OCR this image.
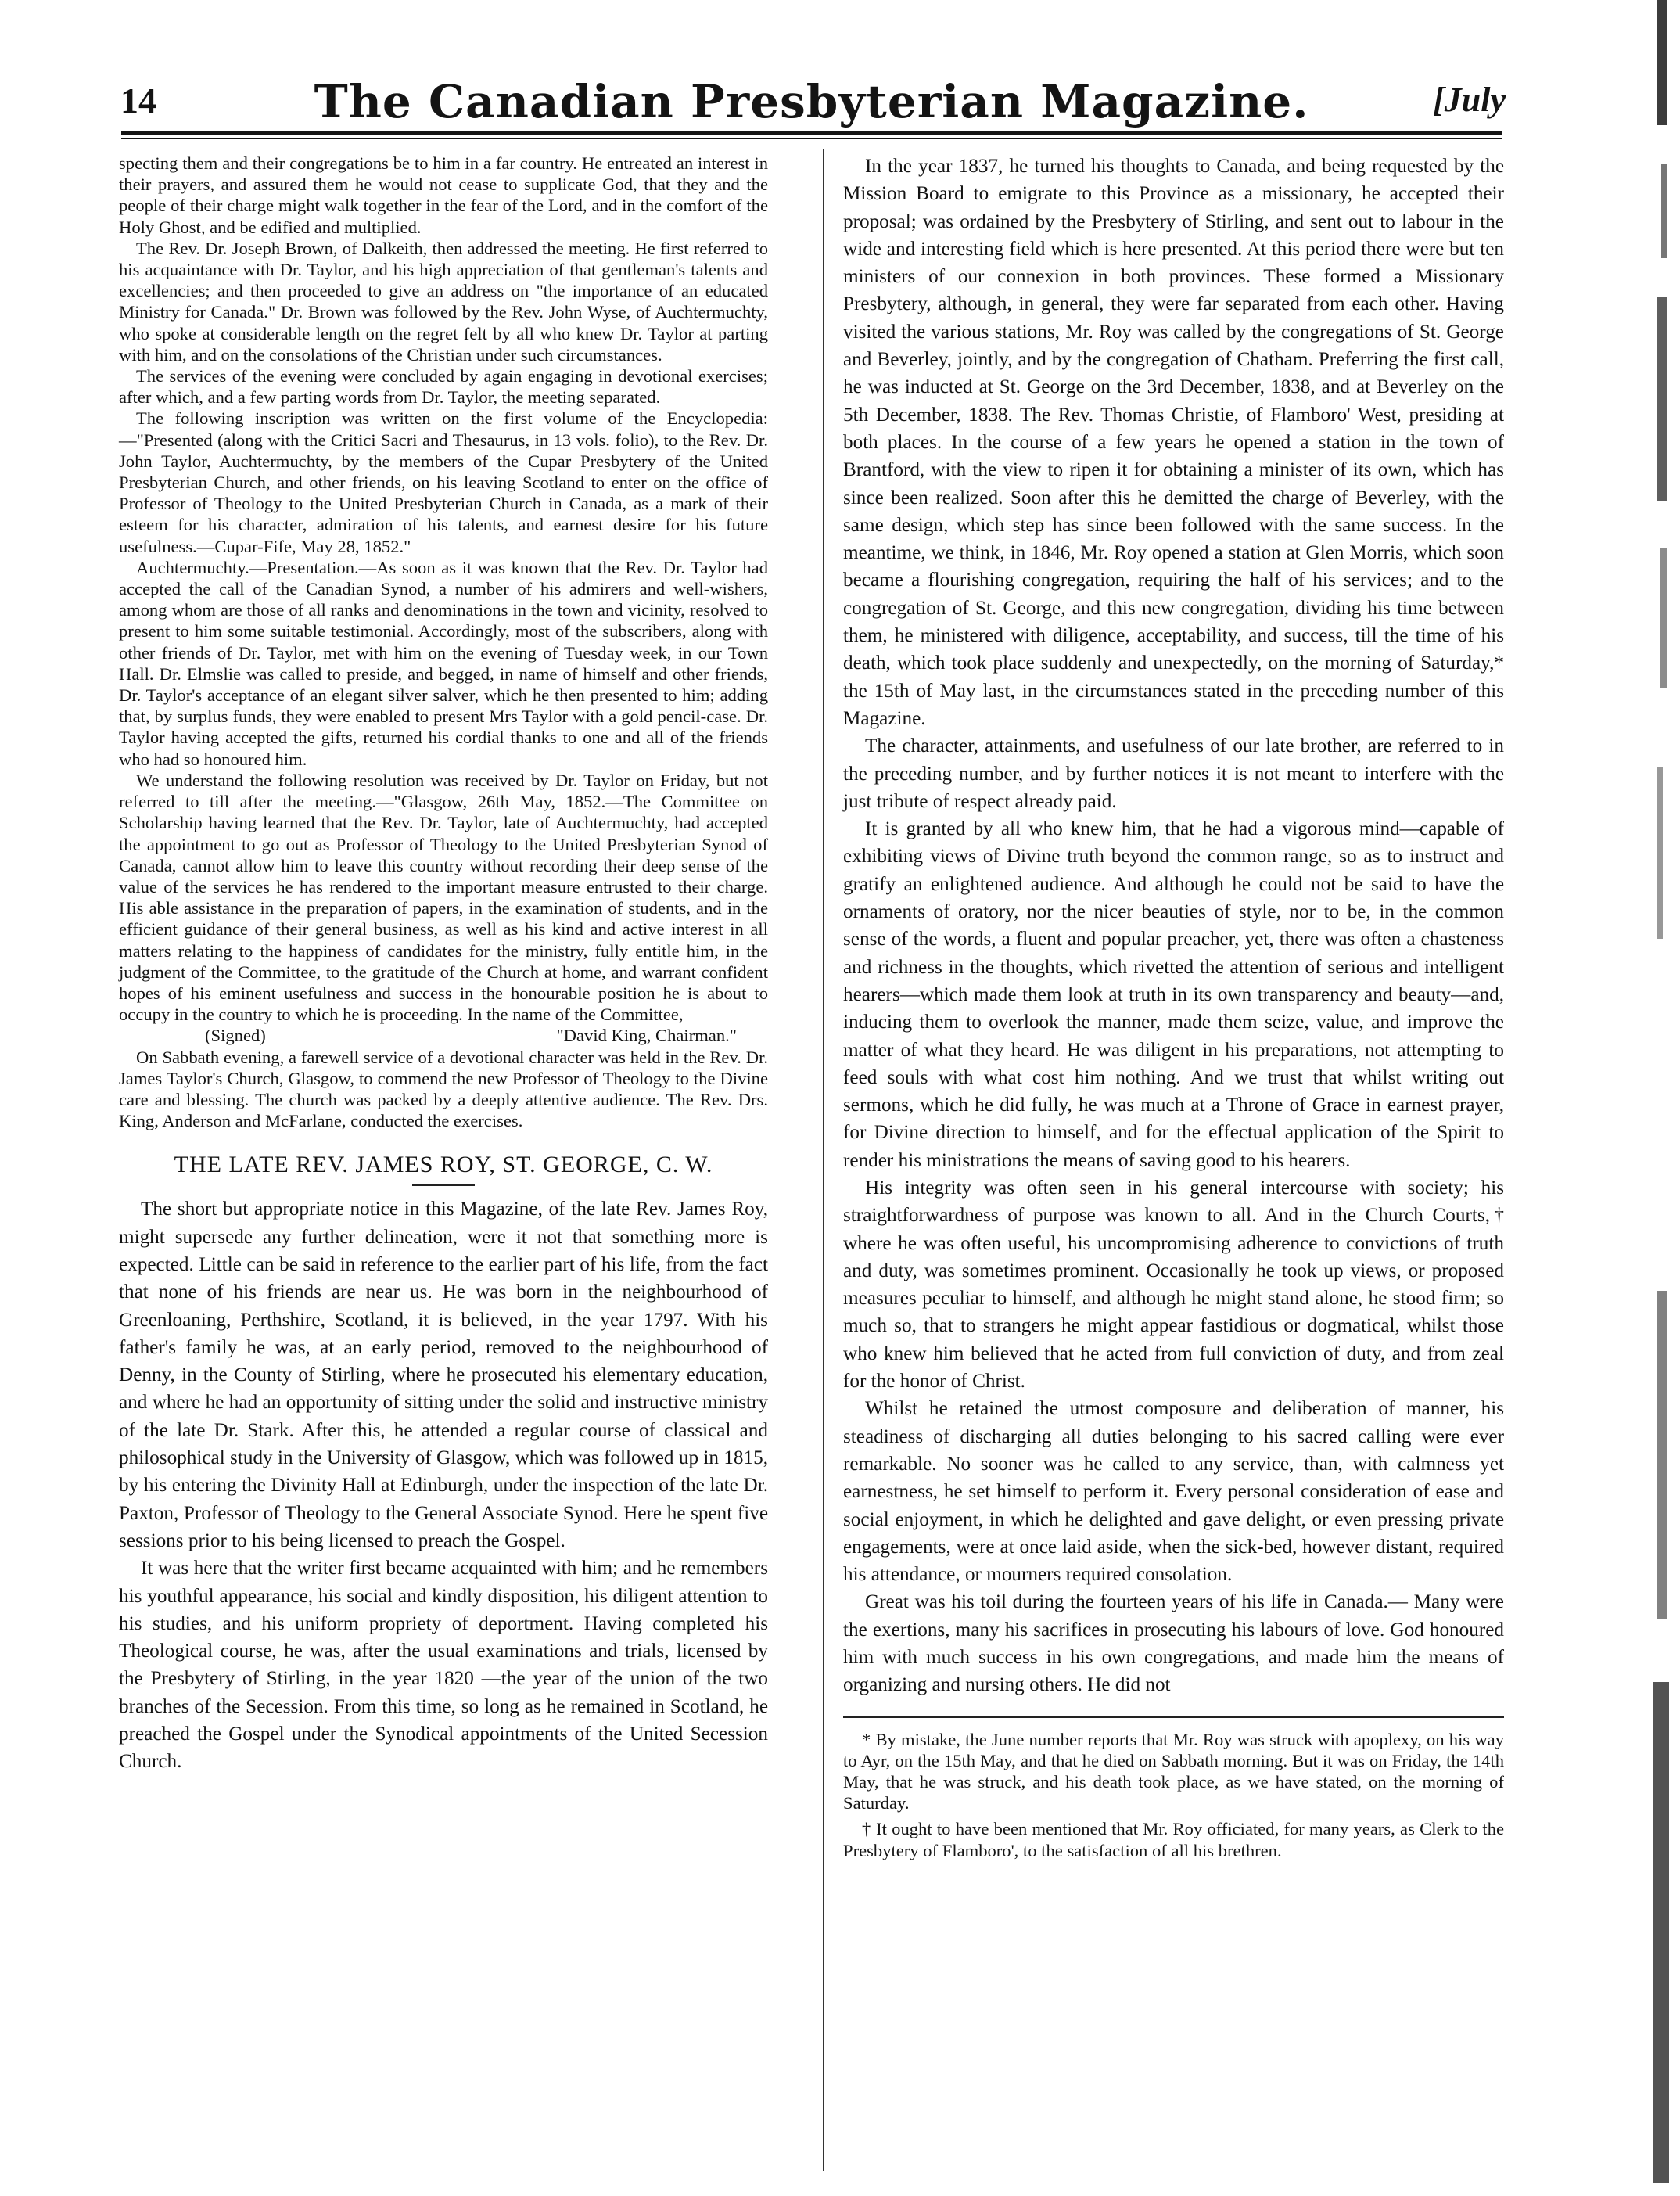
14	The Canadian Presbyterian Magazine.	[July

specting them and their congregations be to him in a far country. He entreated an interest in their prayers, and assured them he would not cease to supplicate God, that they and the people of their charge might walk together in the fear of the Lord, and in the comfort of the Holy Ghost, and be edified and multiplied.

The Rev. Dr. Joseph Brown, of Dalkeith, then addressed the meeting. He first referred to his acquaintance with Dr. Taylor, and his high appreciation of that gentleman's talents and excellencies; and then proceeded to give an address on "the importance of an educated Ministry for Canada." Dr. Brown was followed by the Rev. John Wyse, of Auchtermuchty, who spoke at considerable length on the regret felt by all who knew Dr. Taylor at parting with him, and on the consolations of the Christian under such circumstances.

The services of the evening were concluded by again engaging in devotional exercises; after which, and a few parting words from Dr. Taylor, the meeting separated.

The following inscription was written on the first volume of the Encyclopedia:—"Presented (along with the Critici Sacri and Thesaurus, in 13 vols. folio), to the Rev. Dr. John Taylor, Auchtermuchty, by the members of the Cupar Presbytery of the United Presbyterian Church, and other friends, on his leaving Scotland to enter on the office of Professor of Theology to the United Presbyterian Church in Canada, as a mark of their esteem for his character, admiration of his talents, and earnest desire for his future usefulness.—Cupar-Fife, May 28, 1852."

Auchtermuchty.—Presentation.—As soon as it was known that the Rev. Dr. Taylor had accepted the call of the Canadian Synod, a number of his admirers and well-wishers, among whom are those of all ranks and denominations in the town and vicinity, resolved to present to him some suitable testimonial. Accordingly, most of the subscribers, along with other friends of Dr. Taylor, met with him on the evening of Tuesday week, in our Town Hall. Dr. Elmslie was called to preside, and begged, in name of himself and other friends, Dr. Taylor's acceptance of an elegant silver salver, which he then presented to him; adding that, by surplus funds, they were enabled to present Mrs Taylor with a gold pencil-case. Dr. Taylor having accepted the gifts, returned his cordial thanks to one and all of the friends who had so honoured him.

We understand the following resolution was received by Dr. Taylor on Friday, but not referred to till after the meeting.—"Glasgow, 26th May, 1852.—The Committee on Scholarship having learned that the Rev. Dr. Taylor, late of Auchtermuchty, had accepted the appointment to go out as Professor of Theology to the United Presbyterian Synod of Canada, cannot allow him to leave this country without recording their deep sense of the value of the services he has rendered to the important measure entrusted to their charge. His able assistance in the preparation of papers, in the examination of students, and in the efficient guidance of their general business, as well as his kind and active interest in all matters relating to the happiness of candidates for the ministry, fully entitle him, in the judgment of the Committee, to the gratitude of the Church at home, and warrant confident hopes of his eminent usefulness and success in the honourable position he is about to occupy in the country to which he is proceeding. In the name of the Committee,

(Signed)	"David King, Chairman."

On Sabbath evening, a farewell service of a devotional character was held in the Rev. Dr. James Taylor's Church, Glasgow, to commend the new Professor of Theology to the Divine care and blessing. The church was packed by a deeply attentive audience. The Rev. Drs. King, Anderson and McFarlane, conducted the exercises.

THE LATE REV. JAMES ROY, ST. GEORGE, C. W.

The short but appropriate notice in this Magazine, of the late Rev. James Roy, might supersede any further delineation, were it not that something more is expected. Little can be said in reference to the earlier part of his life, from the fact that none of his friends are near us. He was born in the neighbourhood of Greenloaning, Perthshire, Scotland, it is believed, in the year 1797. With his father's family he was, at an early period, removed to the neighbourhood of Denny, in the County of Stirling, where he prosecuted his elementary education, and where he had an opportunity of sitting under the solid and instructive ministry of the late Dr. Stark. After this, he attended a regular course of classical and philosophical study in the University of Glasgow, which was followed up in 1815, by his entering the Divinity Hall at Edinburgh, under the inspection of the late Dr. Paxton, Professor of Theology to the General Associate Synod. Here he spent five sessions prior to his being licensed to preach the Gospel.

It was here that the writer first became acquainted with him; and he remembers his youthful appearance, his social and kindly disposition, his diligent attention to his studies, and his uniform propriety of deportment. Having completed his Theological course, he was, after the usual examinations and trials, licensed by the Presbytery of Stirling, in the year 1820 —the year of the union of the two branches of the Secession. From this time, so long as he remained in Scotland, he preached the Gospel under the Synodical appointments of the United Secession Church.

In the year 1837, he turned his thoughts to Canada, and being requested by the Mission Board to emigrate to this Province as a missionary, he accepted their proposal; was ordained by the Presbytery of Stirling, and sent out to labour in the wide and interesting field which is here presented. At this period there were but ten ministers of our connexion in both provinces. These formed a Missionary Presbytery, although, in general, they were far separated from each other. Having visited the various stations, Mr. Roy was called by the congregations of St. George and Beverley, jointly, and by the congregation of Chatham. Preferring the first call, he was inducted at St. George on the 3rd December, 1838, and at Beverley on the 5th December, 1838. The Rev. Thomas Christie, of Flamboro' West, presiding at both places. In the course of a few years he opened a station in the town of Brantford, with the view to ripen it for obtaining a minister of its own, which has since been realized. Soon after this he demitted the charge of Beverley, with the same design, which step has since been followed with the same success. In the meantime, we think, in 1846, Mr. Roy opened a station at Glen Morris, which soon became a flourishing congregation, requiring the half of his services; and to the congregation of St. George, and this new congregation, dividing his time between them, he ministered with diligence, acceptability, and success, till the time of his death, which took place suddenly and unexpectedly, on the morning of Saturday,* the 15th of May last, in the circumstances stated in the preceding number of this Magazine.

The character, attainments, and usefulness of our late brother, are referred to in the preceding number, and by further notices it is not meant to interfere with the just tribute of respect already paid.

It is granted by all who knew him, that he had a vigorous mind—capable of exhibiting views of Divine truth beyond the common range, so as to instruct and gratify an enlightened audience. And although he could not be said to have the ornaments of oratory, nor the nicer beauties of style, nor to be, in the common sense of the words, a fluent and popular preacher, yet, there was often a chasteness and richness in the thoughts, which rivetted the attention of serious and intelligent hearers—which made them look at truth in its own transparency and beauty—and, inducing them to overlook the manner, made them seize, value, and improve the matter of what they heard. He was diligent in his preparations, not attempting to feed souls with what cost him nothing. And we trust that whilst writing out sermons, which he did fully, he was much at a Throne of Grace in earnest prayer, for Divine direction to himself, and for the effectual application of the Spirit to render his ministrations the means of saving good to his hearers.

His integrity was often seen in his general intercourse with society; his straightforwardness of purpose was known to all. And in the Church Courts,† where he was often useful, his uncompromising adherence to convictions of truth and duty, was sometimes prominent. Occasionally he took up views, or proposed measures peculiar to himself, and although he might stand alone, he stood firm; so much so, that to strangers he might appear fastidious or dogmatical, whilst those who knew him believed that he acted from full conviction of duty, and from zeal for the honor of Christ.

Whilst he retained the utmost composure and deliberation of manner, his steadiness of discharging all duties belonging to his sacred calling were ever remarkable. No sooner was he called to any service, than, with calmness yet earnestness, he set himself to perform it. Every personal consideration of ease and social enjoyment, in which he delighted and gave delight, or even pressing private engagements, were at once laid aside, when the sick-bed, however distant, required his attendance, or mourners required consolation.

Great was his toil during the fourteen years of his life in Canada.— Many were the exertions, many his sacrifices in prosecuting his labours of love. God honoured him with much success in his own congregations, and made him the means of organizing and nursing others. He did not

* By mistake, the June number reports that Mr. Roy was struck with apoplexy, on his way to Ayr, on the 15th May, and that he died on Sabbath morning. But it was on Friday, the 14th May, that he was struck, and his death took place, as we have stated, on the morning of Saturday.

† It ought to have been mentioned that Mr. Roy officiated, for many years, as Clerk to the Presbytery of Flamboro', to the satisfaction of all his brethren.
